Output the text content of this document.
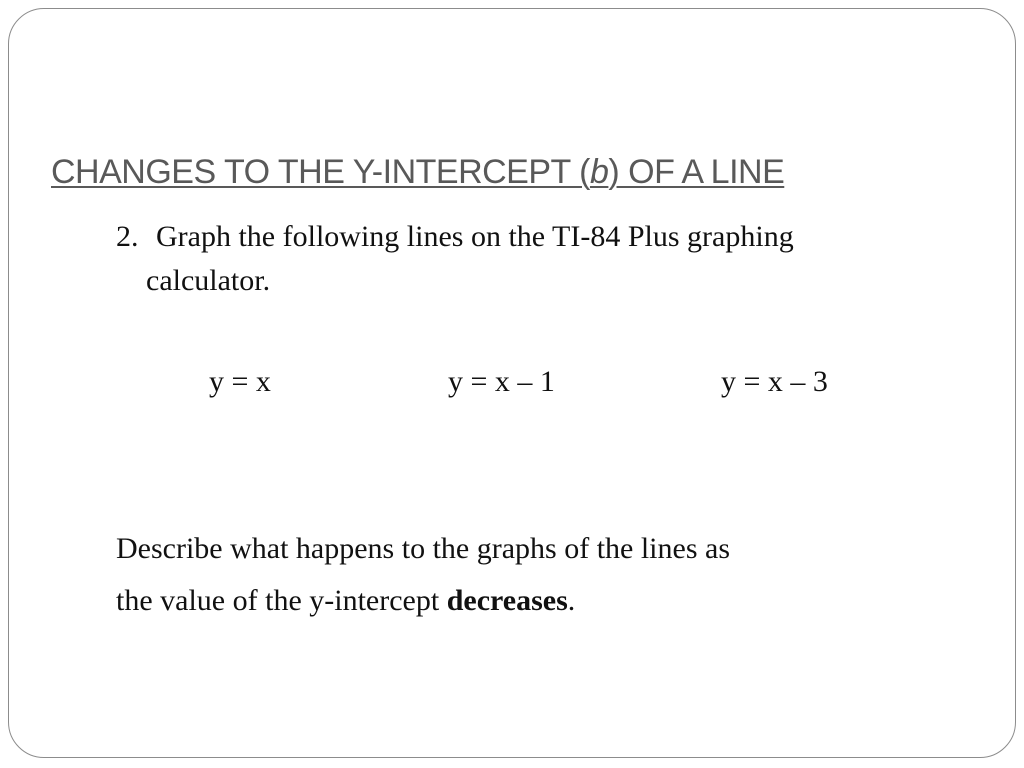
CHANGES TO THE Y-INTERCEPT (b) OF A LINE

2. Graph the following lines on the TI-84 Plus graphing
calculator.

y = x	y = x – 1	y = x – 3

Describe what happens to the graphs of the lines as
the value of the y-intercept decreases.
